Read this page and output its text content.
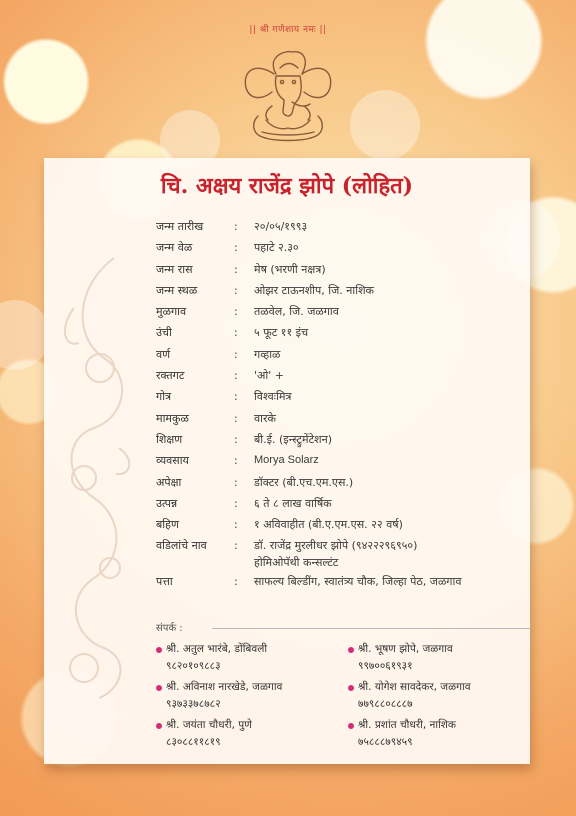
|| श्री गणेशाय नमः ||
चि. अक्षय राजेंद्र झोपे (लोहित)
जन्म तारीख	: २०/०५/१९९३
जन्म वेळ	: पहाटे २.३०
जन्म रास	: मेष (भरणी नक्षत्र)
जन्म स्थळ	: ओझर टाऊनशीप, जि. नाशिक
मुळगाव	: तळवेल, जि. जळगाव
उंची	: ५ फूट ११ इंच
वर्ण	: गव्हाळ
रक्तगट	: 'ओ' +
गोत्र	: विश्वःमित्र
मामकुळ	: वारके
शिक्षण	: बी.ई. (इन्स्ट्रुमेंटेशन)
व्यवसाय	: Morya Solarz
अपेक्षा	: डॉक्टर (बी.एच.एम.एस.)
उत्पन्न	: ६ ते ८ लाख वार्षिक
बहिण	: १ अविवाहीत (बी.ए.एम.एस. २२ वर्ष)
वडिलांचे नाव : डॉ. राजेंद्र मुरलीधर झोपे (९४२२२९६९५०)
होमिओपॅथी कन्सल्टंट
पत्ता	: साफल्य बिल्डींग, स्वातंत्र्य चौक, जिल्हा पेठ, जळगाव
संपर्क :
श्री. अतुल भारंबे, डोंबिवली
९८२०१०९८८३
श्री. भूषण झोपे, जळगाव
९९७००६१९३१
श्री. अविनाश नारखेडे, जळगाव
९३७३३७८७८२
श्री. योगेश सावदेकर, जळगाव
७७९८८०८८८७
श्री. जयंता चौधरी, पुणे
८३०८८११८१९
श्री. प्रशांत चौधरी, नाशिक
७५८८८७९४५९
